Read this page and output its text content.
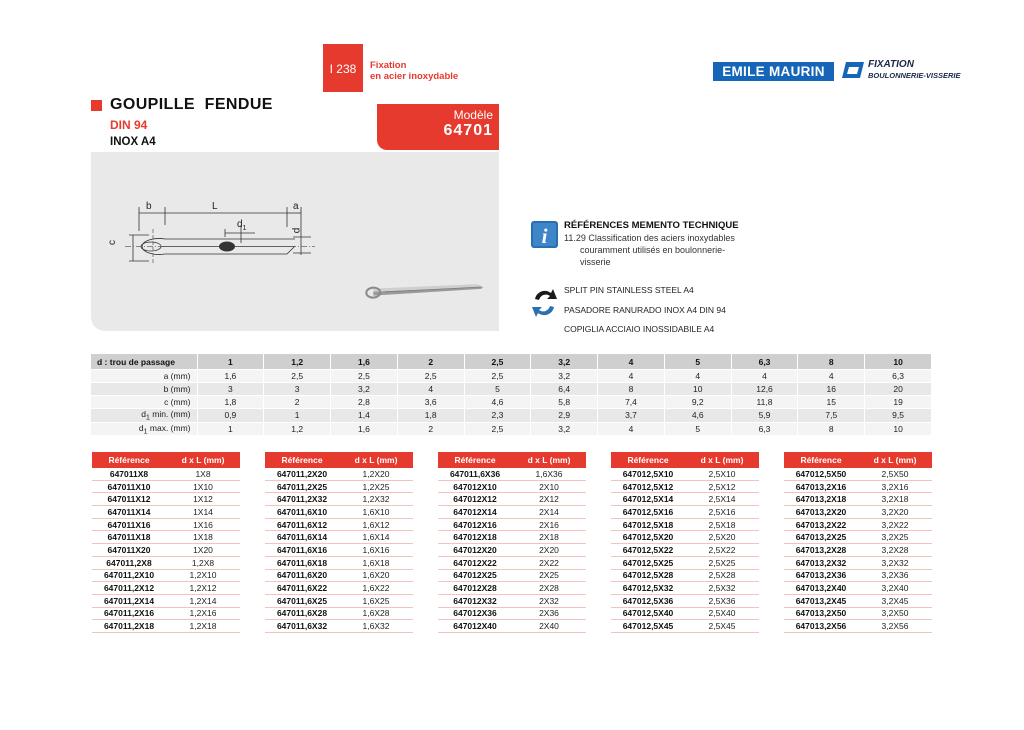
I 238	Fixation
en acier inoxydable	EMILE MAURIN	FIXATION
BOULONNERIE-VISSERIE
GOUPILLE  FENDUE
DIN 94
INOX A4
Modèle
64701
b	L	a
$d_1$	d
c	i RÉFÉRENCES MEMENTO TECHNIQUE
11.29 Classification des aciers inoxydables
couramment utilisés en boulonnerie-
visserie
SPLIT PIN STAINLESS STEEL A4
PASADORE RANURADO INOX A4 DIN 94
COPIGLIA ACCIAIO INOSSIDABILE A4
d : trou de passage	1	1,2	1,6	2	2,5	3,2	4	5	6,3	8	10
a (mm)	1,6	2,5	2,5	2,5	2,5	3,2	4	4	4	4	6,3
b (mm)	3	3	3,2	4	5	6,4	8	10	12,6	16	20
c (mm)	1,8	2	2,8	3,6	4,6	5,8	7,4	9,2	11,8	15	19
$d_1$ min. (mm)	0,9	1	1,4	1,8	2,3	2,9	3,7	4,6	5,9	7,5	9,5
$d_1$ max. (mm)	1	1,2	1,6	2	2,5	3,2	4	5	6,3	8	10
Référence	d x L (mm)
647011X8	1X8
647011X10	1X10
647011X12	1X12
647011X14	1X14
647011X16	1X16
647011X18	1X18
647011X20	1X20
647011,2X8	1,2X8
647011,2X10	1,2X10
647011,2X12	1,2X12
647011,2X14	1,2X14
647011,2X16	1,2X16
647011,2X18	1,2X18
Référence	d x L (mm)
647011,2X20	1,2X20
647011,2X25	1,2X25
647011,2X32	1,2X32
647011,6X10	1,6X10
647011,6X12	1,6X12
647011,6X14	1,6X14
647011,6X16	1,6X16
647011,6X18	1,6X18
647011,6X20	1,6X20
647011,6X22	1,6X22
647011,6X25	1,6X25
647011,6X28	1,6X28
647011,6X32	1,6X32
Référence	d x L (mm)
647011,6X36	1,6X36
647012X10	2X10
647012X12	2X12
647012X14	2X14
647012X16	2X16
647012X18	2X18
647012X20	2X20
647012X22	2X22
647012X25	2X25
647012X28	2X28
647012X32	2X32
647012X36	2X36
647012X40	2X40
Référence	d x L (mm)
647012,5X10	2,5X10
647012,5X12	2,5X12
647012,5X14	2,5X14
647012,5X16	2,5X16
647012,5X18	2,5X18
647012,5X20	2,5X20
647012,5X22	2,5X22
647012,5X25	2,5X25
647012,5X28	2,5X28
647012,5X32	2,5X32
647012,5X36	2,5X36
647012,5X40	2,5X40
647012,5X45	2,5X45
Référence	d x L (mm)
647012,5X50	2,5X50
647013,2X16	3,2X16
647013,2X18	3,2X18
647013,2X20	3,2X20
647013,2X22	3,2X22
647013,2X25	3,2X25
647013,2X28	3,2X28
647013,2X32	3,2X32
647013,2X36	3,2X36
647013,2X40	3,2X40
647013,2X45	3,2X45
647013,2X50	3,2X50
647013,2X56	3,2X56
